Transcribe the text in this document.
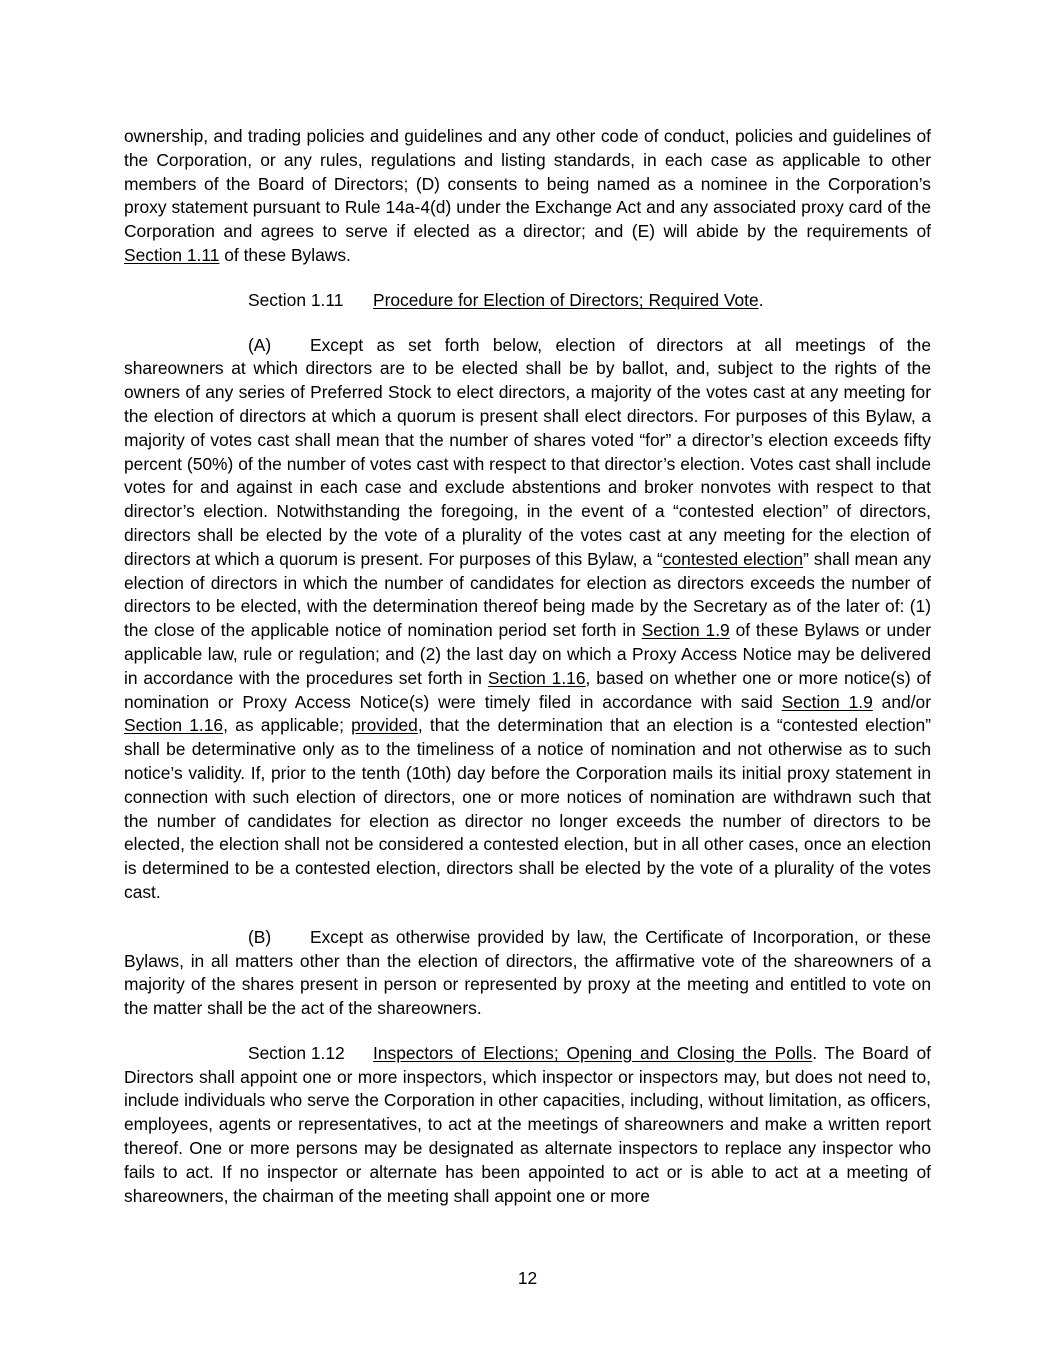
ownership, and trading policies and guidelines and any other code of conduct, policies and guidelines of the Corporation, or any rules, regulations and listing standards, in each case as applicable to other members of the Board of Directors; (D) consents to being named as a nominee in the Corporation’s proxy statement pursuant to Rule 14a-4(d) under the Exchange Act and any associated proxy card of the Corporation and agrees to serve if elected as a director; and (E) will abide by the requirements of Section 1.11 of these Bylaws.

Section 1.11 Procedure for Election of Directors; Required Vote.

(A) Except as set forth below, election of directors at all meetings of the shareowners at which directors are to be elected shall be by ballot, and, subject to the rights of the owners of any series of Preferred Stock to elect directors, a majority of the votes cast at any meeting for the election of directors at which a quorum is present shall elect directors. For purposes of this Bylaw, a majority of votes cast shall mean that the number of shares voted “for” a director’s election exceeds fifty percent (50%) of the number of votes cast with respect to that director’s election. Votes cast shall include votes for and against in each case and exclude abstentions and broker nonvotes with respect to that director’s election. Notwithstanding the foregoing, in the event of a “contested election” of directors, directors shall be elected by the vote of a plurality of the votes cast at any meeting for the election of directors at which a quorum is present. For purposes of this Bylaw, a “contested election” shall mean any election of directors in which the number of candidates for election as directors exceeds the number of directors to be elected, with the determination thereof being made by the Secretary as of the later of: (1) the close of the applicable notice of nomination period set forth in Section 1.9 of these Bylaws or under applicable law, rule or regulation; and (2) the last day on which a Proxy Access Notice may be delivered in accordance with the procedures set forth in Section 1.16, based on whether one or more notice(s) of nomination or Proxy Access Notice(s) were timely filed in accordance with said Section 1.9 and/or Section 1.16, as applicable; provided, that the determination that an election is a “contested election” shall be determinative only as to the timeliness of a notice of nomination and not otherwise as to such notice’s validity. If, prior to the tenth (10th) day before the Corporation mails its initial proxy statement in connection with such election of directors, one or more notices of nomination are withdrawn such that the number of candidates for election as director no longer exceeds the number of directors to be elected, the election shall not be considered a contested election, but in all other cases, once an election is determined to be a contested election, directors shall be elected by the vote of a plurality of the votes cast.

(B) Except as otherwise provided by law, the Certificate of Incorporation, or these Bylaws, in all matters other than the election of directors, the affirmative vote of the shareowners of a majority of the shares present in person or represented by proxy at the meeting and entitled to vote on the matter shall be the act of the shareowners.

Section 1.12 Inspectors of Elections; Opening and Closing the Polls. The Board of Directors shall appoint one or more inspectors, which inspector or inspectors may, but does not need to, include individuals who serve the Corporation in other capacities, including, without limitation, as officers, employees, agents or representatives, to act at the meetings of shareowners and make a written report thereof. One or more persons may be designated as alternate inspectors to replace any inspector who fails to act. If no inspector or alternate has been appointed to act or is able to act at a meeting of shareowners, the chairman of the meeting shall appoint one or more

12
